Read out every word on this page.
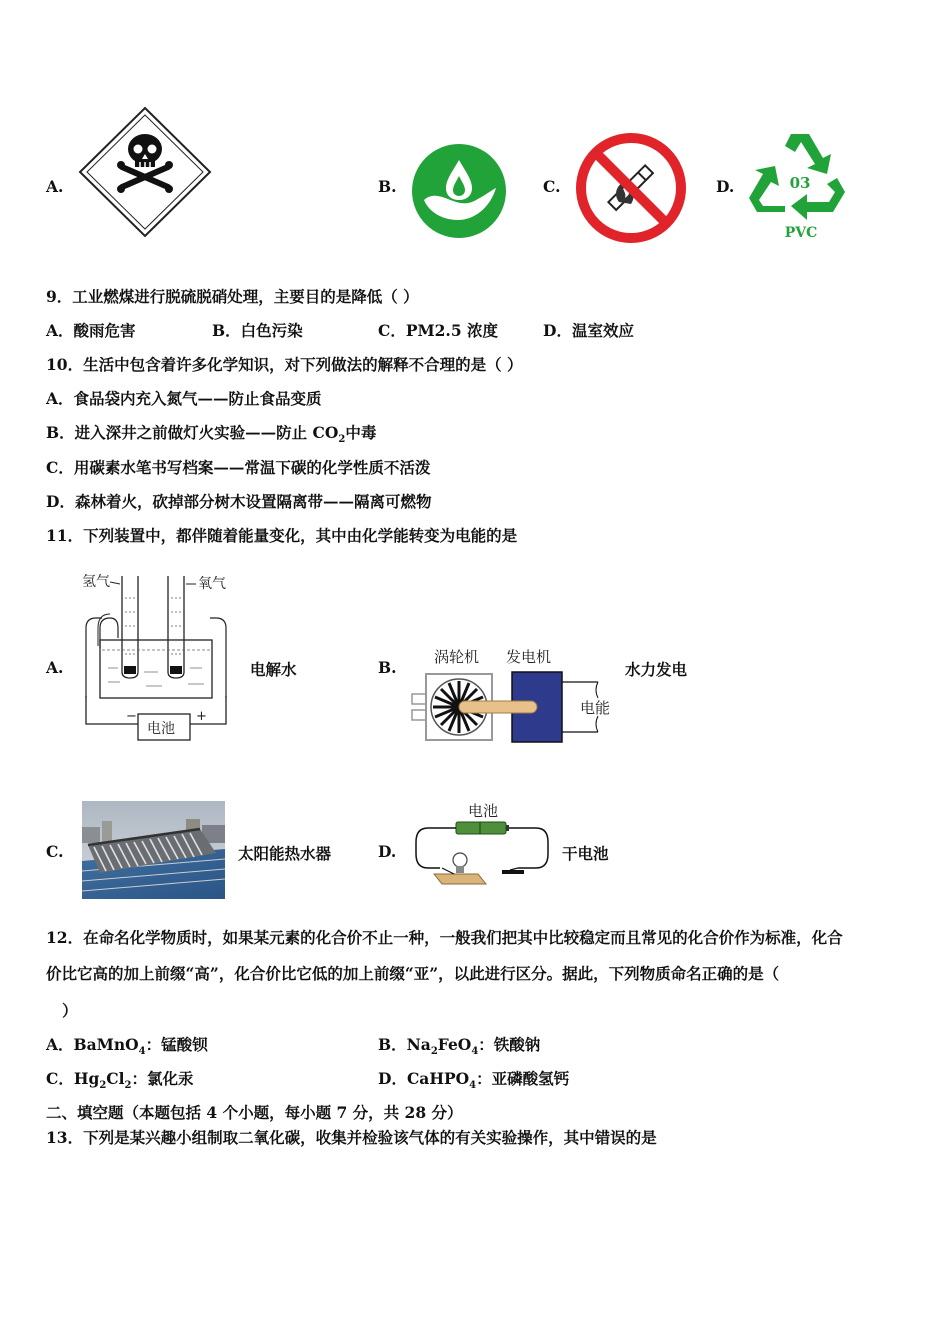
A.	B.	C.	D.	03
PVC
9．工业燃煤进行脱硫脱硝处理，主要目的是降低（ ）
A．酸雨危害	B．白色污染	C．PM2.5 浓度	D．温室效应
10．生活中包含着许多化学知识，对下列做法的解释不合理的是（ ）
A．食品袋内充入氮气——防止食品变质
B．进入深井之前做灯火实验——防止 $CO_2$中毒
C．用碳素水笔书写档案——常温下碳的化学性质不活泼
D．森林着火，砍掉部分树木设置隔离带——隔离可燃物
11．下列装置中，都伴随着能量变化，其中由化学能转变为电能的是
A.
氢气	氧气
电池
−	+
电解水	B.
涡轮机 发电机
电能
水力发电
C.	太阳能热水器	D.
电池
干电池
12．在命名化学物质时，如果某元素的化合价不止一种，一般我们把其中比较稳定而且常见的化合价作为标准，化合
价比它高的加上前缀“高”，化合价比它低的加上前缀“亚”，以此进行区分。据此，下列物质命名正确的是（
）
A．BaMnO$_4$：锰酸钡	B．$Na_2FeO_4$：铁酸钠
C．$Hg_2Cl_2$：氯化汞	D．CaHPO$_4$：亚磷酸氢钙
二、填空题（本题包括 4 个小题，每小题 7 分，共 28 分）
13．下列是某兴趣小组制取二氧化碳，收集并检验该气体的有关实验操作，其中错误的是
